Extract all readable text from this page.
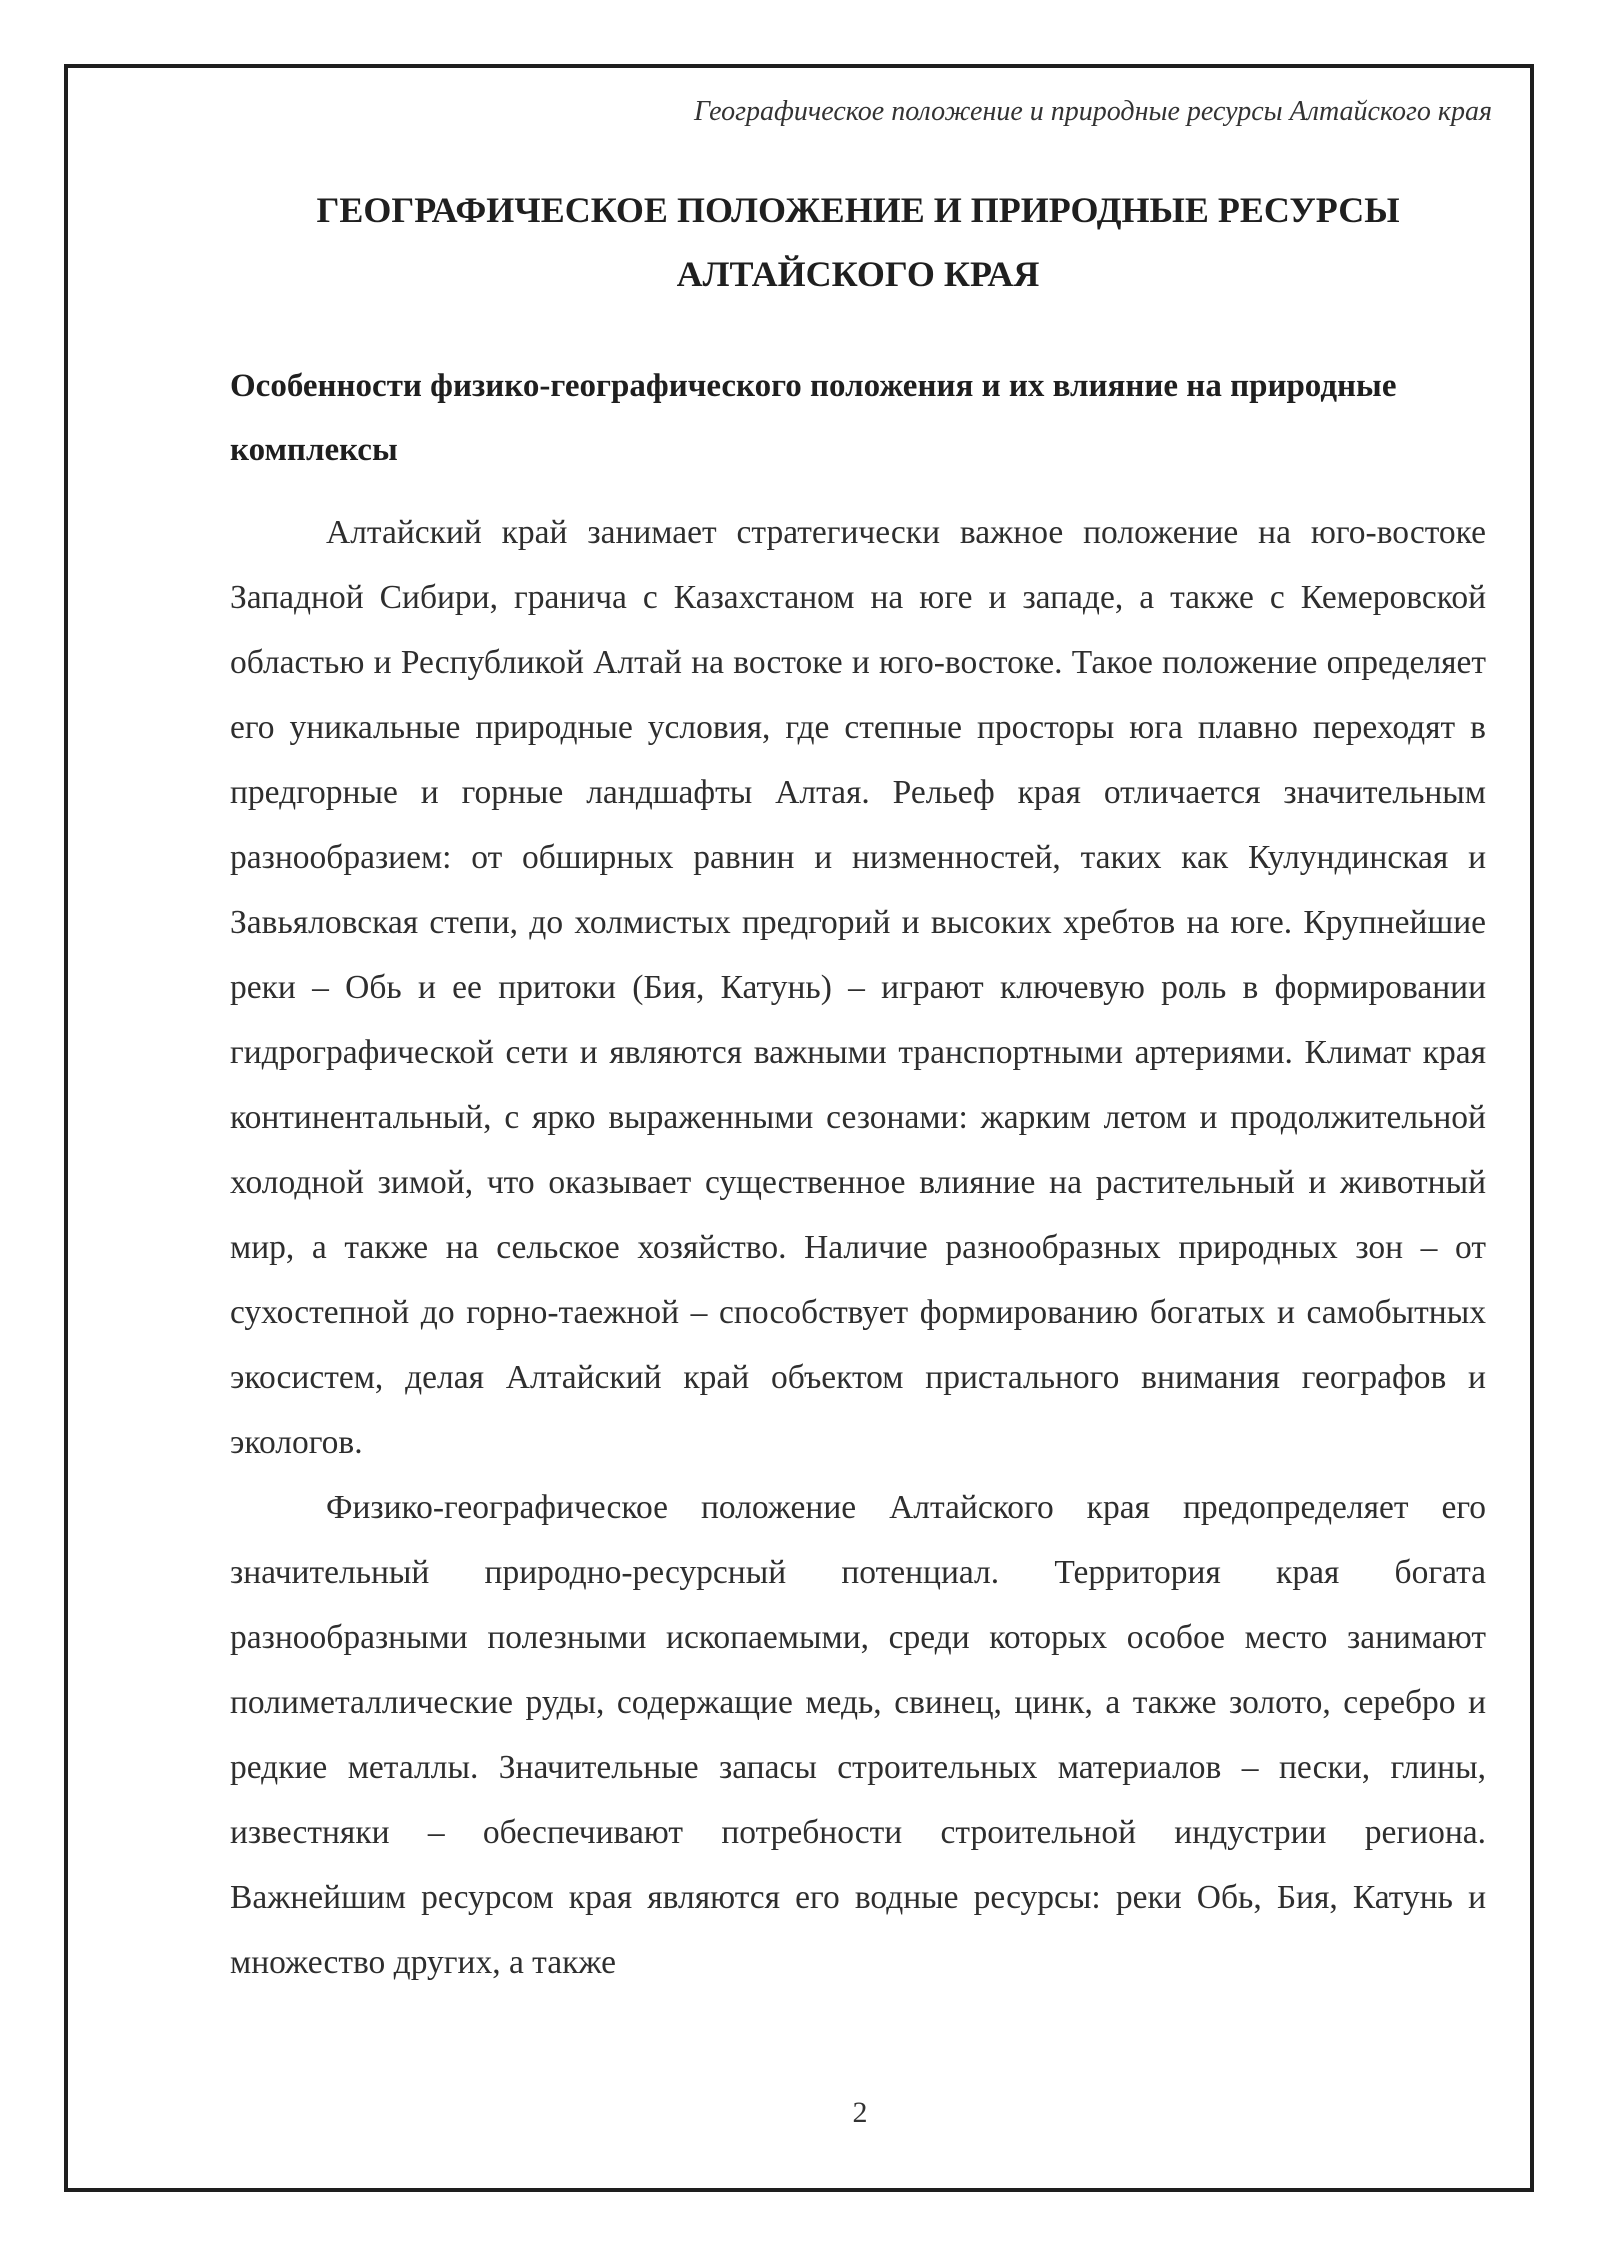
Географическое положение и природные ресурсы Алтайского края
ГЕОГРАФИЧЕСКОЕ ПОЛОЖЕНИЕ И ПРИРОДНЫЕ РЕСУРСЫ
АЛТАЙСКОГО КРАЯ
Особенности физико-географического положения и их влияние на природные комплексы

Алтайский край занимает стратегически важное положение на юго-востоке Западной Сибири, гранича с Казахстаном на юге и западе, а также с Кемеровской областью и Республикой Алтай на востоке и юго-востоке. Такое положение определяет его уникальные природные условия, где степные просторы юга плавно переходят в предгорные и горные ландшафты Алтая. Рельеф края отличается значительным разнообразием: от обширных равнин и низменностей, таких как Кулундинская и Завьяловская степи, до холмистых предгорий и высоких хребтов на юге. Крупнейшие реки – Обь и ее притоки (Бия, Катунь) – играют ключевую роль в формировании гидрографической сети и являются важными транспортными артериями. Климат края континентальный, с ярко выраженными сезонами: жарким летом и продолжительной холодной зимой, что оказывает существенное влияние на растительный и животный мир, а также на сельское хозяйство. Наличие разнообразных природных зон – от сухостепной до горно-таежной – способствует формированию богатых и самобытных экосистем, делая Алтайский край объектом пристального внимания географов и экологов.

Физико-географическое положение Алтайского края предопределяет его значительный природно-ресурсный потенциал. Территория края богата разнообразными полезными ископаемыми, среди которых особое место занимают полиметаллические руды, содержащие медь, свинец, цинк, а также золото, серебро и редкие металлы. Значительные запасы строительных материалов – пески, глины, известняки – обеспечивают потребности строительной индустрии региона. Важнейшим ресурсом края являются его водные ресурсы: реки Обь, Бия, Катунь и множество других, а также

2
